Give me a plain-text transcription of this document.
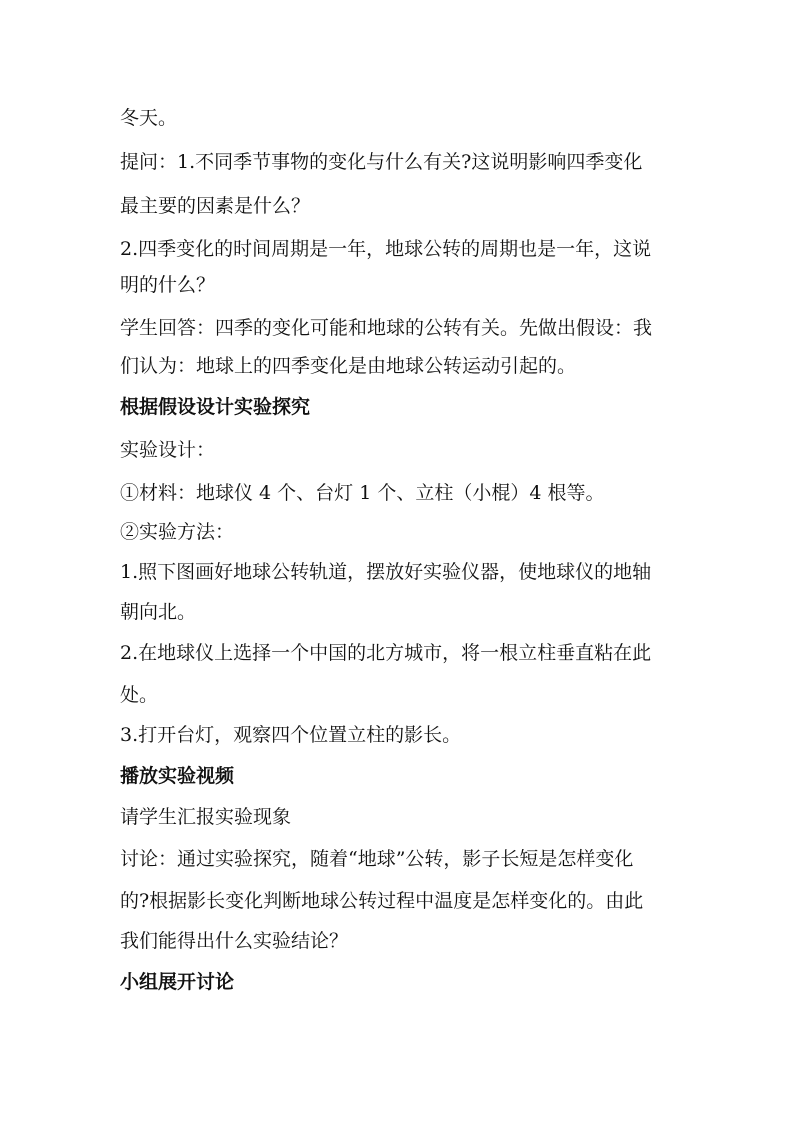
冬天。
提问：1.不同季节事物的变化与什么有关?这说明影响四季变化
最主要的因素是什么？
2.四季变化的时间周期是一年，地球公转的周期也是一年，这说
明的什么？
学生回答：四季的变化可能和地球的公转有关。先做出假设：我
们认为：地球上的四季变化是由地球公转运动引起的。
根据假设设计实验探究
实验设计：
①材料：地球仪 4 个、台灯 1 个、立柱（小棍）4 根等。
②实验方法：
1.照下图画好地球公转轨道，摆放好实验仪器，使地球仪的地轴
朝向北。
2.在地球仪上选择一个中国的北方城市，将一根立柱垂直粘在此
处。
3.打开台灯，观察四个位置立柱的影长。
播放实验视频
请学生汇报实验现象
讨论：通过实验探究，随着“地球”公转，影子长短是怎样变化
的?根据影长变化判断地球公转过程中温度是怎样变化的。由此
我们能得出什么实验结论？
小组展开讨论
